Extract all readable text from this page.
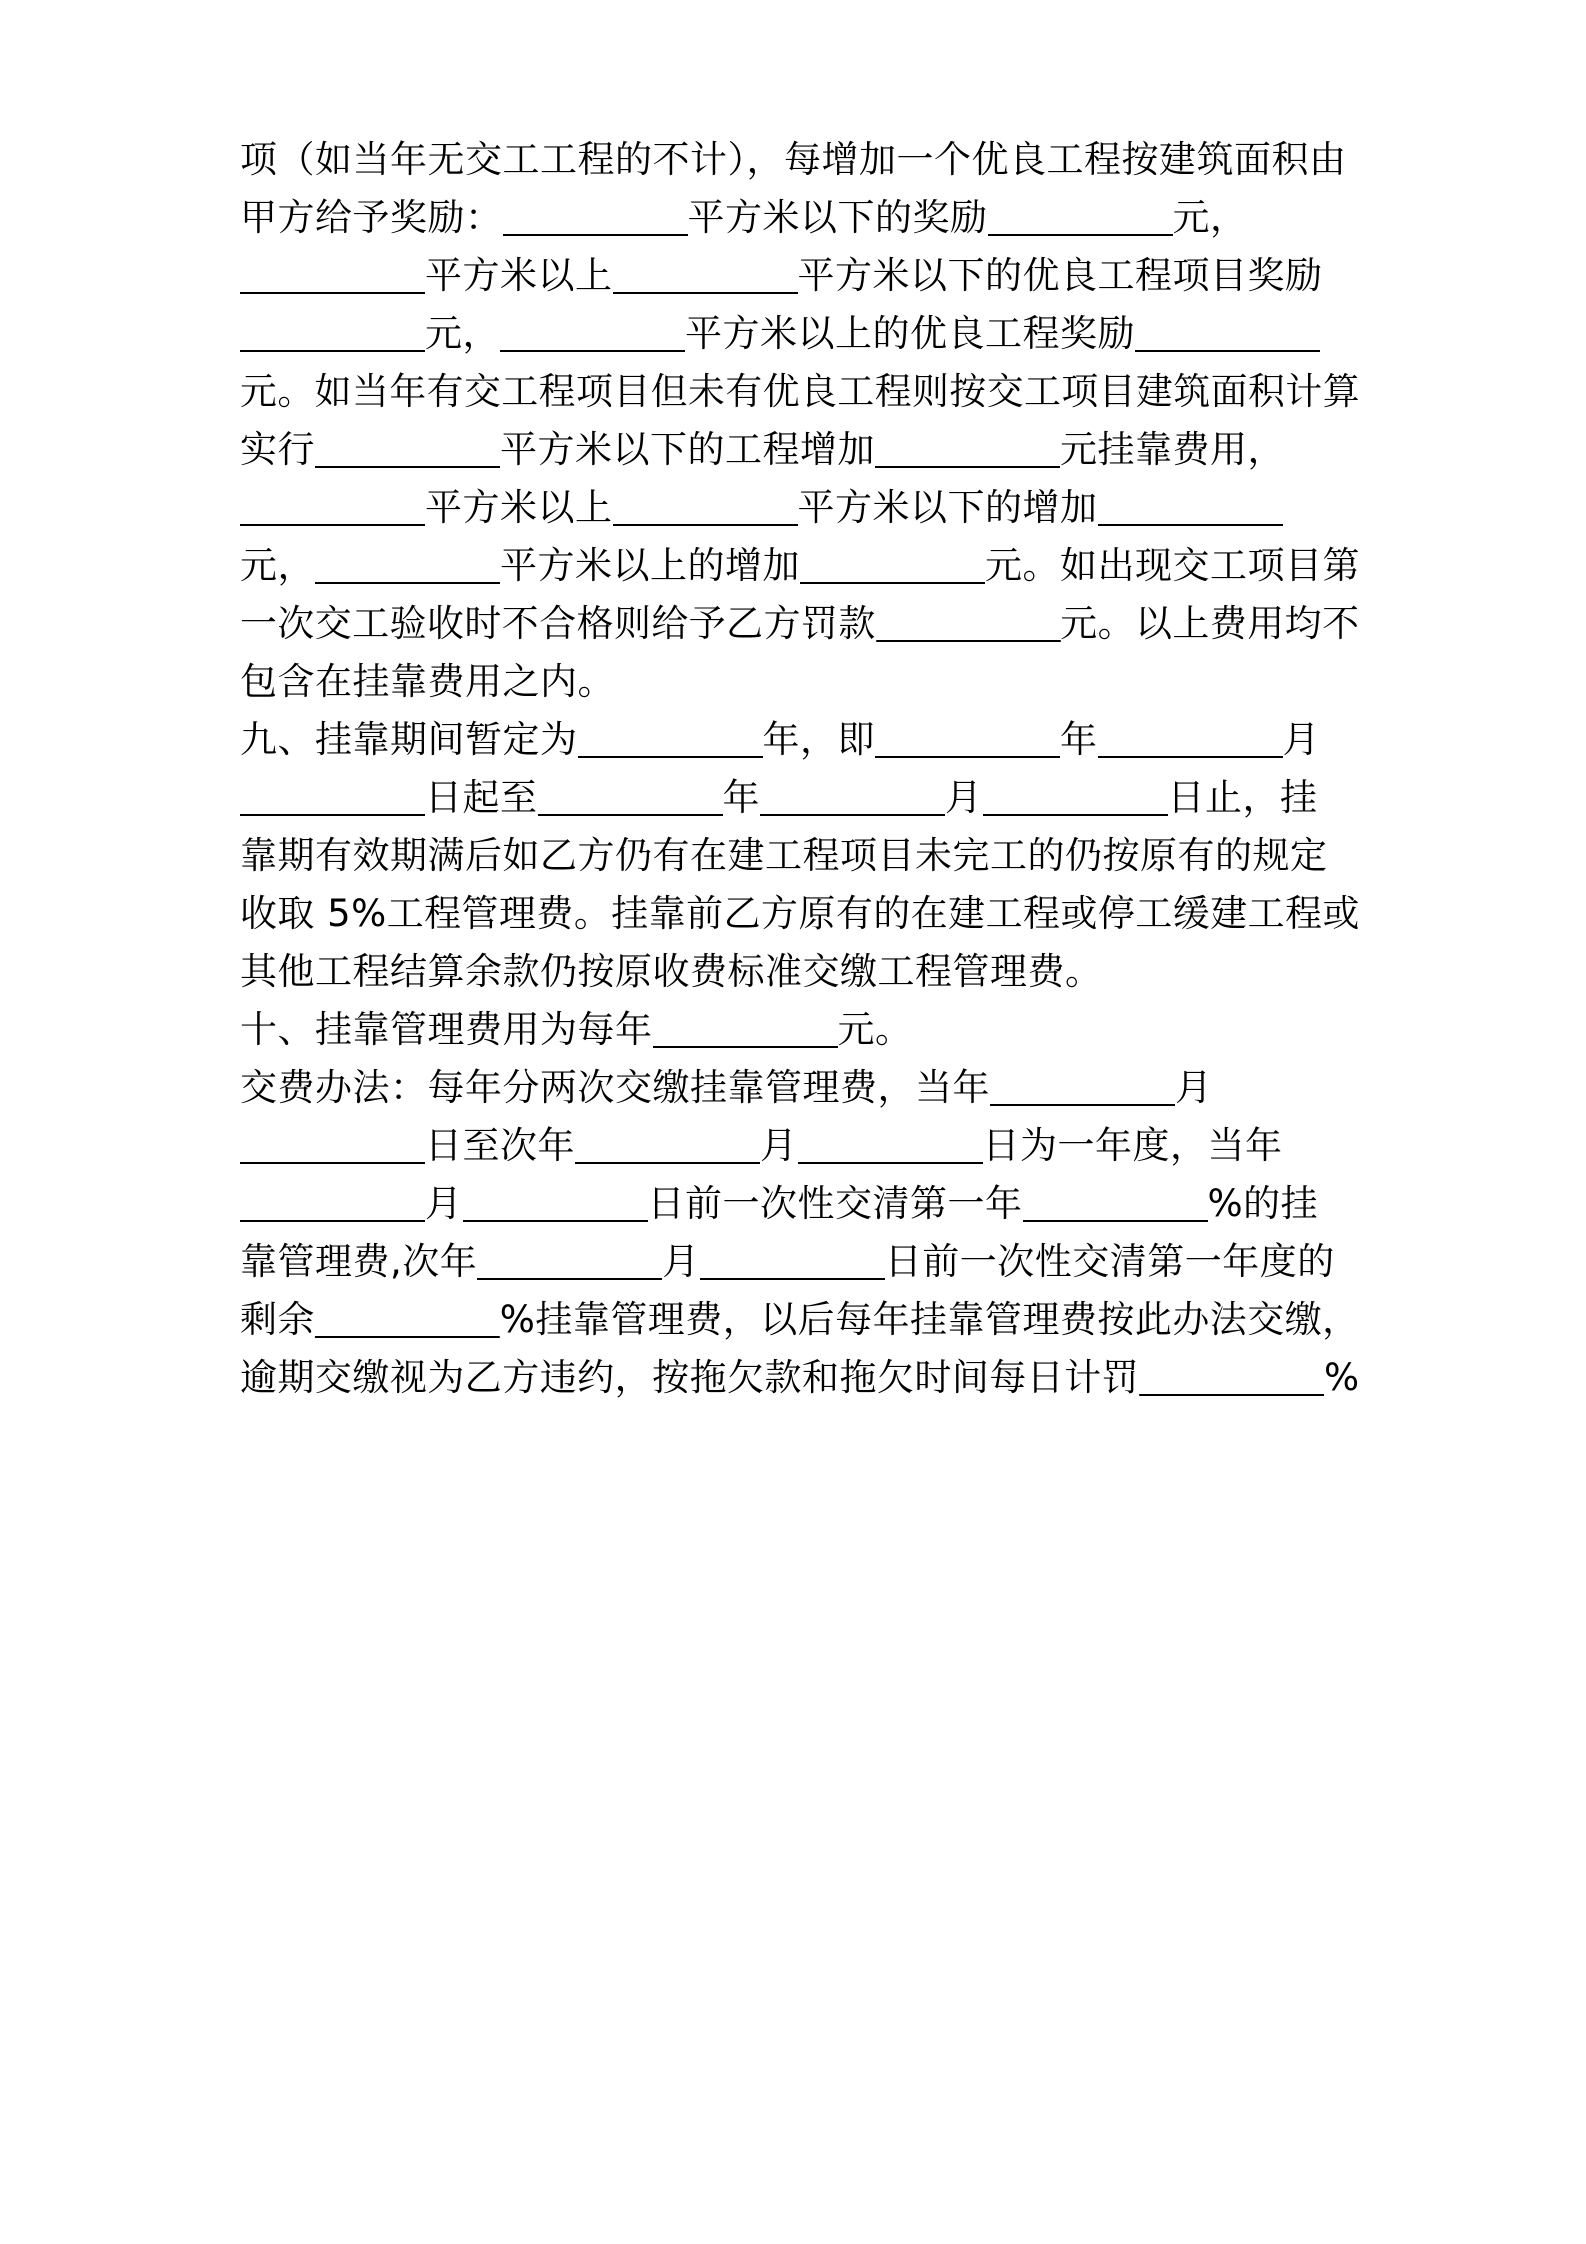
项（如当年无交工工程的不计），每增加一个优良工程按建筑面积由
甲方给予奖励：	平方米以下的奖励	元，
平方米以上	平方米以下的优良工程项目奖励
元，	平方米以上的优良工程奖励
元。如当年有交工程项目但未有优良工程则按交工项目建筑面积计算
实行	平方米以下的工程增加	元挂靠费用，
平方米以上	平方米以下的增加
元，	平方米以上的增加	元。如出现交工项目第
一次交工验收时不合格则给予乙方罚款	元。以上费用均不
包含在挂靠费用之内。
九、挂靠期间暂定为	年，即	年	月
日起至	年	月	日止，挂
靠期有效期满后如乙方仍有在建工程项目未完工的仍按原有的规定
收取 5%工程管理费。挂靠前乙方原有的在建工程或停工缓建工程或
其他工程结算余款仍按原收费标准交缴工程管理费。
十、挂靠管理费用为每年	元。
交费办法：每年分两次交缴挂靠管理费，当年	月
日至次年	月	日为一年度，当年
月	日前一次性交清第一年	%的挂
靠管理费,次年	月	日前一次性交清第一年度的
剩余	%挂靠管理费，以后每年挂靠管理费按此办法交缴，
逾期交缴视为乙方违约，按拖欠款和拖欠时间每日计罚	%
